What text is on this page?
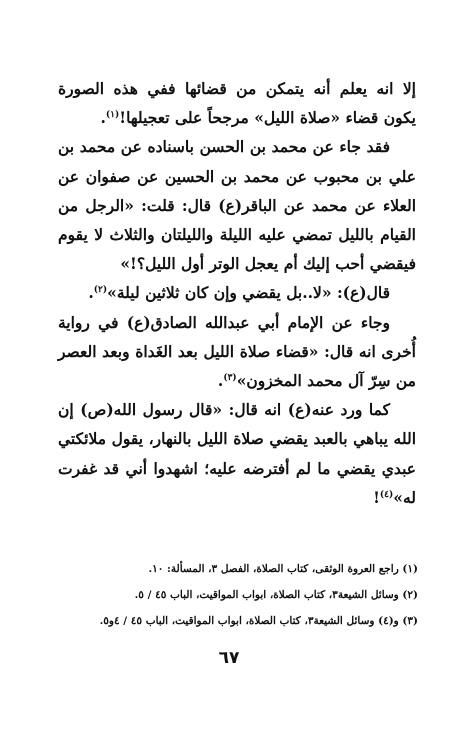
إلا انه يعلم أنه يتمكن من قضائها ففي هذه الصورة يكون قضاء «صلاة الليل» مرجحاً على تعجيلها!$^{(١)}$.

فقد جاء عن محمد بن الحسن باسناده عن محمد بن علي بن محبوب عن محمد بن الحسين عن صفوان عن العلاء عن محمد عن الباقر(ع) قال: قلت: «الرجل من القيام بالليل تمضي عليه الليلة والليلتان والثلاث لا يقوم فيقضي أحب إليك أم يعجل الوتر أول الليل؟!»

قال(ع): «لا..بل يقضي وإن كان ثلاثين ليلة»$^{(٢)}$.

وجاء عن الإمام أبي عبدالله الصادق(ع) في رواية أُخرى انه قال: «قضاء صلاة الليل بعد الغَداة وبعد العصر من سِرّ آل محمد المخزون»$^{(٣)}$.

كما ورد عنه(ع) انه قال: «قال رسول الله(ص) إن الله يباهي بالعبد يقضي صلاة الليل بالنهار، يقول ملائكتي عبدي يقضي ما لم أفترضه عليه؛ اشهدوا أني قد غفرت له»$^{(٤)}$!

(١) راجع العروة الوثقى، كتاب الصلاة، الفصل ٣، المسألة: ١٠.
(٢) وسائل الشيعة٣، كتاب الصلاة، ابواب المواقيت، الباب ٤٥ / ٥.
(٣) و(٤) وسائل الشيعة٣، كتاب الصلاة، ابواب المواقيت، الباب ٤٥ / ٤و٥.
٦٧
